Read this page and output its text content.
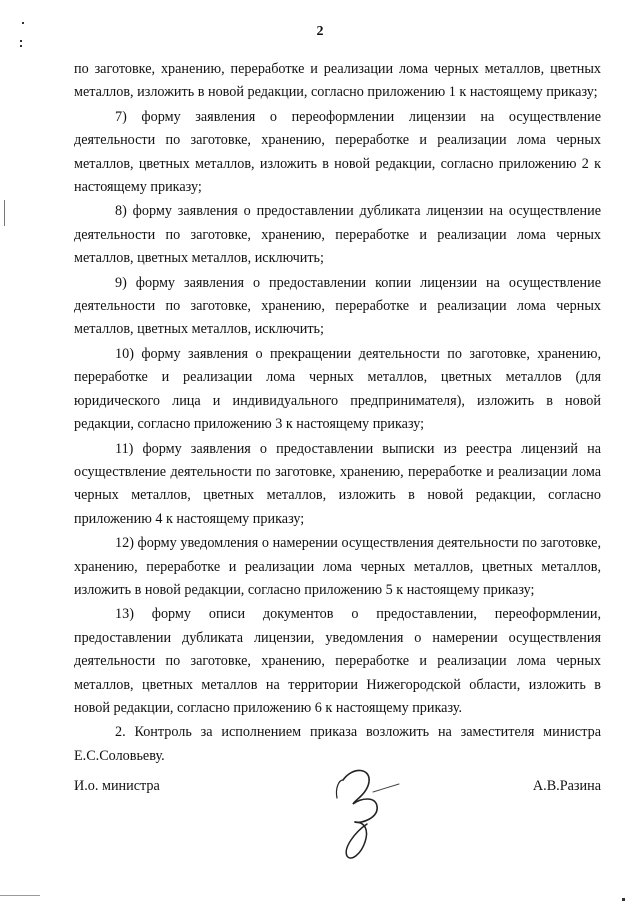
2

по заготовке, хранению, переработке и реализации лома черных металлов, цветных металлов, изложить в новой редакции, согласно приложению 1 к настоящему приказу;

7) форму заявления о переоформлении лицензии на осуществление деятельности по заготовке, хранению, переработке и реализации лома черных металлов, цветных металлов, изложить в новой редакции, согласно приложению 2 к настоящему приказу;

8) форму заявления о предоставлении дубликата лицензии на осуществление деятельности по заготовке, хранению, переработке и реализации лома черных металлов, цветных металлов, исключить;

9) форму заявления о предоставлении копии лицензии на осуществление деятельности по заготовке, хранению, переработке и реализации лома черных металлов, цветных металлов, исключить;

10) форму заявления о прекращении деятельности по заготовке, хранению, переработке и реализации лома черных металлов, цветных металлов (для юридического лица и индивидуального предпринимателя), изложить в новой редакции, согласно приложению 3 к настоящему приказу;

11) форму заявления о предоставлении выписки из реестра лицензий на осуществление деятельности по заготовке, хранению, переработке и реализации лома черных металлов, цветных металлов, изложить в новой редакции, согласно приложению 4 к настоящему приказу;

12) форму уведомления о намерении осуществления деятельности по заготовке, хранению, переработке и реализации лома черных металлов, цветных металлов, изложить в новой редакции, согласно приложению 5 к настоящему приказу;

13) форму описи документов о предоставлении, переоформлении, предоставлении дубликата лицензии, уведомления о намерении осуществления деятельности по заготовке, хранению, переработке и реализации лома черных металлов, цветных металлов на территории Нижегородской области, изложить в новой редакции, согласно приложению 6 к настоящему приказу.

2. Контроль за исполнением приказа возложить на заместителя министра Е.С.Соловьеву.

И.о. министра	А.В.Разина
